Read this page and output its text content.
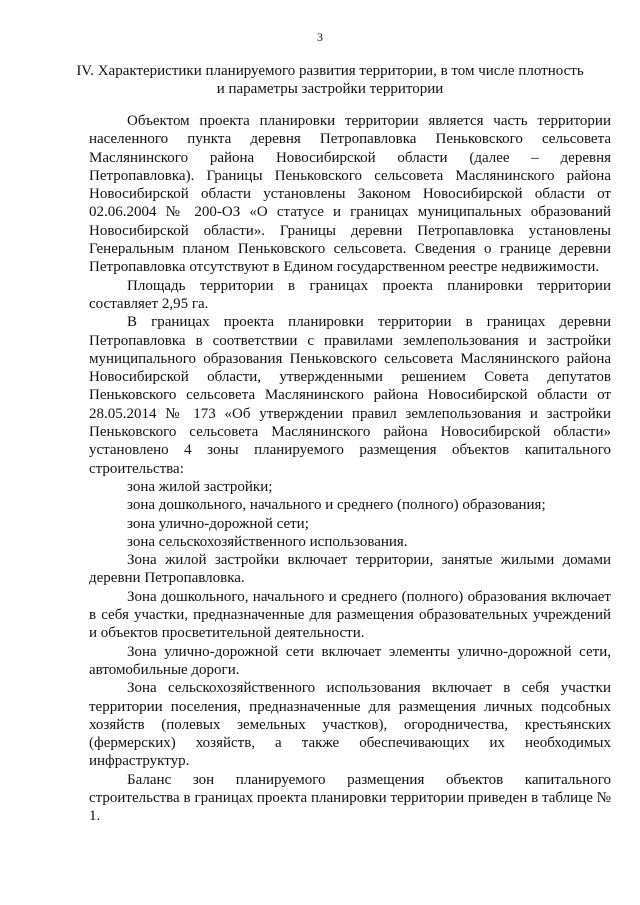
3
IV. Характеристики планируемого развития территории, в том числе плотность
и параметры застройки территории

Объектом проекта планировки территории является часть территории населенного пункта деревня Петропавловка Пеньковского сельсовета Маслянинского района Новосибирской области (далее – деревня Петропавловка). Границы Пеньковского сельсовета Маслянинского района Новосибирской области установлены Законом Новосибирской области от 02.06.2004 № 200-ОЗ «О статусе и границах муниципальных образований Новосибирской области». Границы деревни Петропавловка установлены Генеральным планом Пеньковского сельсовета. Сведения о границе деревни Петропавловка отсутствуют в Едином государственном реестре недвижимости.

Площадь территории в границах проекта планировки территории составляет 2,95 га.

В границах проекта планировки территории в границах деревни Петропавловка в соответствии с правилами землепользования и застройки муниципального образования Пеньковского сельсовета Маслянинского района Новосибирской области, утвержденными решением Совета депутатов Пеньковского сельсовета Маслянинского района Новосибирской области от 28.05.2014 № 173 «Об утверждении правил землепользования и застройки Пеньковского сельсовета Маслянинского района Новосибирской области» установлено 4 зоны планируемого размещения объектов капитального строительства:

зона жилой застройки;

зона дошкольного, начального и среднего (полного) образования;

зона улично-дорожной сети;

зона сельскохозяйственного использования.

Зона жилой застройки включает территории, занятые жилыми домами деревни Петропавловка.

Зона дошкольного, начального и среднего (полного) образования включает в себя участки, предназначенные для размещения образовательных учреждений и объектов просветительной деятельности.

Зона улично-дорожной сети включает элементы улично-дорожной сети, автомобильные дороги.

Зона сельскохозяйственного использования включает в себя участки территории поселения, предназначенные для размещения личных подсобных хозяйств (полевых земельных участков), огородничества, крестьянских (фермерских) хозяйств, а также обеспечивающих их необходимых инфраструктур.

Баланс зон планируемого размещения объектов капитального строительства в границах проекта планировки территории приведен в таблице № 1.
